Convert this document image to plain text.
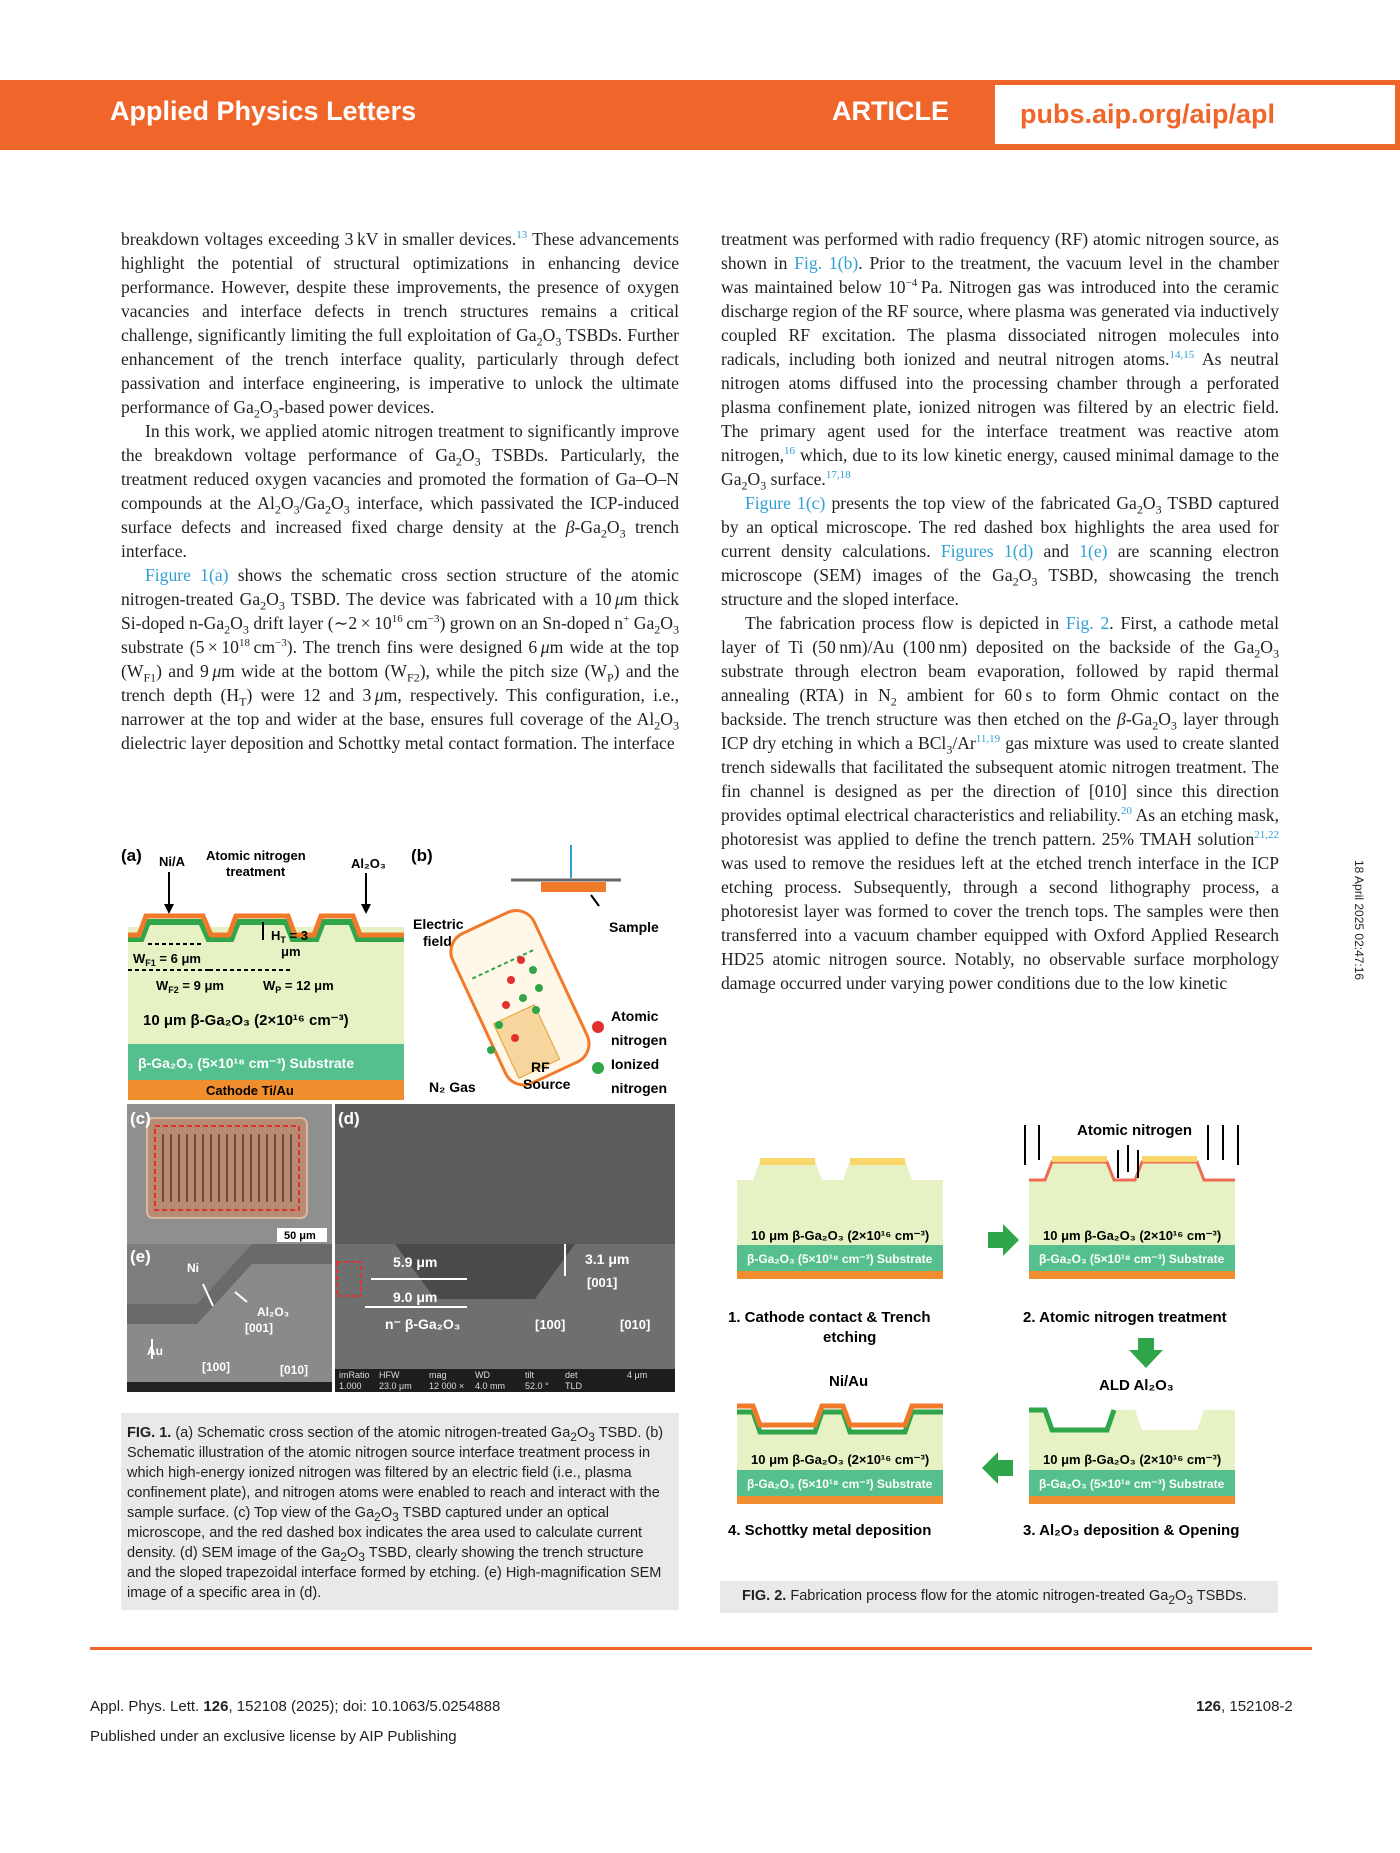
Applied Physics Letters	ARTICLE	pubs.aip.org/aip/apl

breakdown voltages exceeding 3 kV in smaller devices.$^{13}$ These advancements highlight the potential of structural optimizations in enhancing device performance. However, despite these improvements, the presence of oxygen vacancies and interface defects in trench structures remains a critical challenge, significantly limiting the full exploitation of $Ga_2O_3$ TSBDs. Further enhancement of the trench interface quality, particularly through defect passivation and interface engineering, is imperative to unlock the ultimate performance of $Ga_2O_3$-based power devices.

In this work, we applied atomic nitrogen treatment to significantly improve the breakdown voltage performance of $Ga_2O_3$ TSBDs. Particularly, the treatment reduced oxygen vacancies and promoted the formation of Ga–O–N compounds at the $Al_2O_3/Ga_2O_3$ interface, which passivated the ICP-induced surface defects and increased fixed charge density at the $\beta-Ga_2O_3$ trench interface.

Figure 1(a) shows the schematic cross section structure of the atomic nitrogen-treated $Ga_2O_3$ TSBD. The device was fabricated with a 10 μm thick Si-doped $n-Ga_2O_3$ drift layer (∼2 × $10^{16}$ $cm^{-3}$) grown on an Sn-doped n+ $Ga_2O_3$ substrate ($5 \times 10^{18}$ $cm^{-3}$). The trench fins were designed 6 μm wide at the top $(W_{F1})$ and 9 μm wide at the bottom $(W_{F2})$, while the pitch size $(W_P)$ and the trench depth $(H_T)$ were 12 and 3 μm, respectively. This configuration, i.e., narrower at the top and wider at the base, ensures full coverage of the $Al_2O_3$ dielectric layer deposition and Schottky metal contact formation. The interface

treatment was performed with radio frequency (RF) atomic nitrogen source, as shown in Fig. 1(b). Prior to the treatment, the vacuum level in the chamber was maintained below $10^{-4}$ Pa. Nitrogen gas was introduced into the ceramic discharge region of the RF source, where plasma was generated via inductively coupled RF excitation. The plasma dissociated nitrogen molecules into radicals, including both ionized and neutral nitrogen atoms.$^{14,15}$ As neutral nitrogen atoms diffused into the processing chamber through a perforated plasma confinement plate, ionized nitrogen was filtered by an electric field. The primary agent used for the interface treatment was reactive atom nitrogen,$^{16}$ which, due to its low kinetic energy, caused minimal damage to the $Ga_2O_3$ surface.$^{17,18}$

Figure 1(c) presents the top view of the fabricated $Ga_2O_3$ TSBD captured by an optical microscope. The red dashed box highlights the area used for current density calculations. Figures 1(d) and 1(e) are scanning electron microscope (SEM) images of the $Ga_2O_3$ TSBD, showcasing the trench structure and the sloped interface.

The fabrication process flow is depicted in Fig. 2. First, a cathode metal layer of Ti (50 nm)/Au (100 nm) deposited on the backside of the $Ga_2O_3$ substrate through electron beam evaporation, followed by rapid thermal annealing (RTA) in $N_2$ ambient for 60 s to form Ohmic contact on the backside. The trench structure was then etched on the $\beta-Ga_2O_3$ layer through ICP dry etching in which a BCl$_3$/Ar$^{11,19}$ gas mixture was used to create slanted trench sidewalls that facilitated the subsequent atomic nitrogen treatment. The fin channel is designed as per the direction of [010] since this direction provides optimal electrical characteristics and reliability.$^{20}$ As an etching mask, photoresist was applied to define the trench pattern. 25% TMAH solution$^{21,22}$ was used to remove the residues left at the etched trench interface in the ICP etching process. Subsequently, through a second lithography process, a photoresist layer was formed to cover the trench tops. The samples were then transferred into a vacuum chamber equipped with Oxford Applied Research HD25 atomic nitrogen source. Notably, no observable surface morphology damage occurred under varying power conditions due to the low kinetic

(a) Ni/A Atomic nitrogen
treatment
Al₂O₃
$H_T = 3$
μm
$W_{F1} = 6$ μm
$W_{F2} = 9$ μm	$W_P = 12$ μm
10 μm β-Ga₂O₃ (2×10¹⁶ cm⁻³)
β-Ga₂O₃ (5×10¹⁸ cm⁻³) Substrate
Cathode Ti/Au
(b)
Sample
Electric
field
RF
Source
N₂ Gas
Atomic
nitrogen
Ionized
nitrogen
(c)
50 μm
(e)
Ni
Al₂O₃
[001]
Au
[100]	[010]
(d)
5.9 μm
9.0 μm
3.1 μm
[001]
n⁻ β-Ga₂O₃	[100]	[010]
imRatio HFW	mag	WD	tilt	det
1.000 23.0 μm 12 000 × 4.0 mm 52.0 ° TLD
4 μm
FIG. 1. (a) Schematic cross section of the atomic nitrogen-treated $Ga_2O_3$ TSBD. (b) Schematic illustration of the atomic nitrogen source interface treatment process in which high-energy ionized nitrogen was filtered by an electric field (i.e., plasma confinement plate), and nitrogen atoms were enabled to reach and interact with the sample surface. (c) Top view of the $Ga_2O_3$ TSBD captured under an optical microscope, and the red dashed box indicates the area used to calculate current density. (d) SEM image of the $Ga_2O_3$ TSBD, clearly showing the trench structure and the sloped trapezoidal interface formed by etching. (e) High-magnification SEM image of a specific area in (d).
10 μm β-Ga₂O₃ (2×10¹⁶ cm⁻³)
β-Ga₂O₃ (5×10¹⁸ cm⁻³) Substrate
1. Cathode contact & Trench
etching
Atomic nitrogen
10 μm β-Ga₂O₃ (2×10¹⁶ cm⁻³)
β-Ga₂O₃ (5×10¹⁸ cm⁻³) Substrate
2. Atomic nitrogen treatment
ALD Al₂O₃
10 μm β-Ga₂O₃ (2×10¹⁶ cm⁻³)
β-Ga₂O₃ (5×10¹⁸ cm⁻³) Substrate
3. Al₂O₃ deposition & Opening
Ni/Au
10 μm β-Ga₂O₃ (2×10¹⁶ cm⁻³)
β-Ga₂O₃ (5×10¹⁸ cm⁻³) Substrate
4. Schottky metal deposition
FIG. 2. Fabrication process flow for the atomic nitrogen-treated $Ga_2O_3$ TSBDs.
18 April 2025 02:47:16
Appl. Phys. Lett. 126, 152108 (2025); doi: 10.1063/5.0254888
Published under an exclusive license by AIP Publishing
126, 152108-2
